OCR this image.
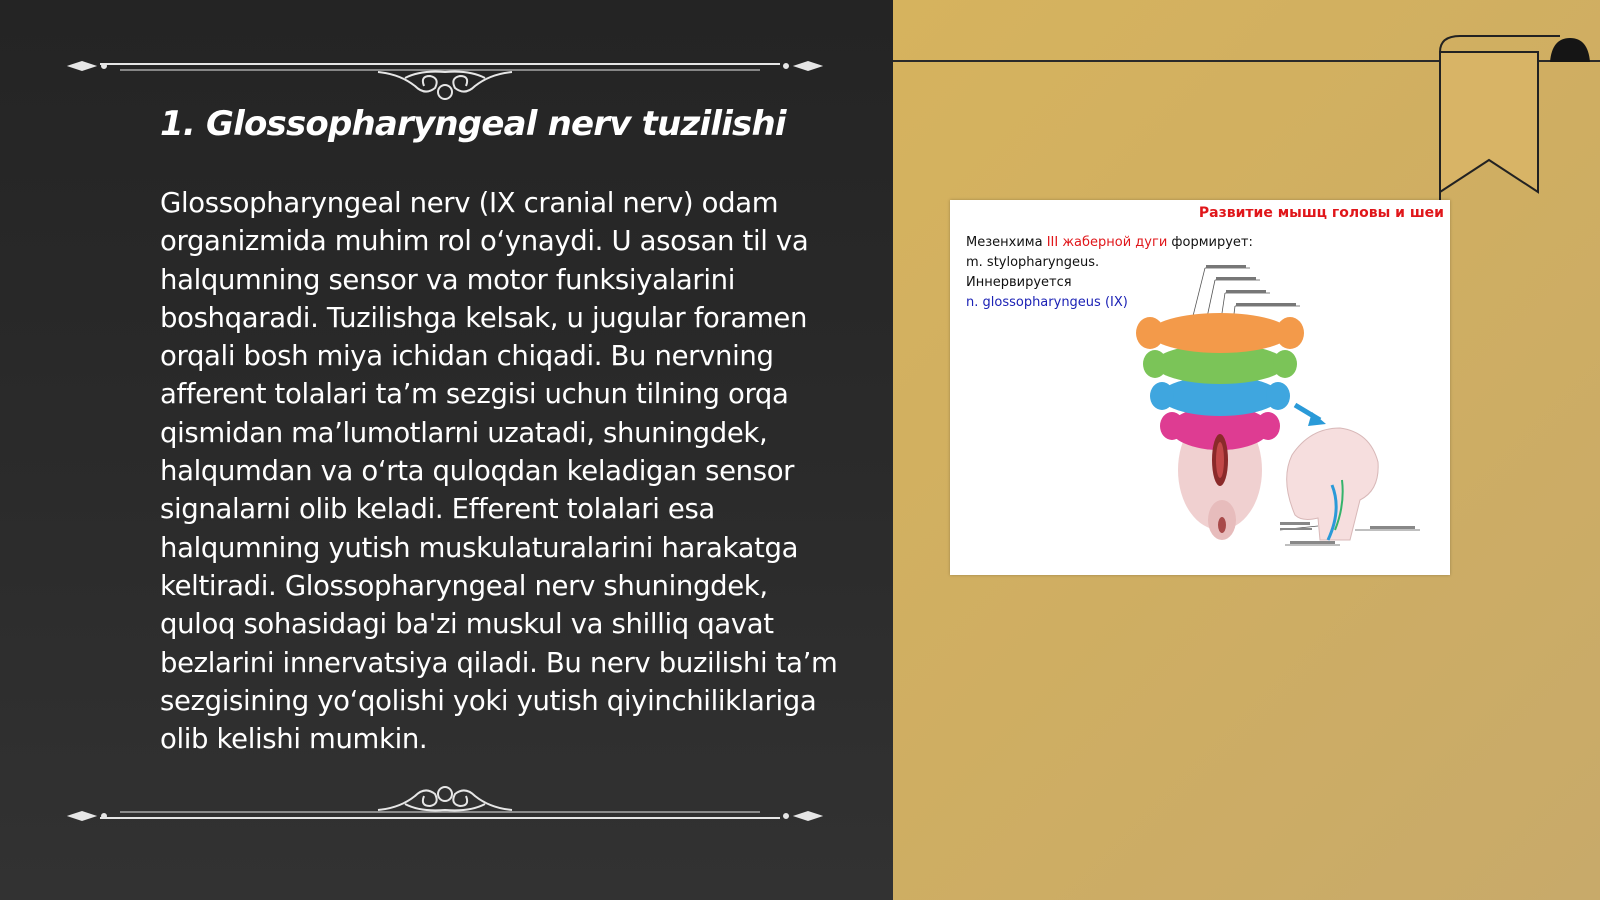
1. Glossopharyngeal nerv tuzilishi

Glossopharyngeal nerv (IX cranial nerv) odam organizmida muhim rol o‘ynaydi. U asosan til va halqumning sensor va motor funksiyalarini boshqaradi. Tuzilishga kelsak, u jugular foramen orqali bosh miya ichidan chiqadi. Bu nervning afferent tolalari ta’m sezgisi uchun tilning orqa qismidan ma’lumotlarni uzatadi, shuningdek, halqumdan va o‘rta quloqdan keladigan sensor signalarni olib keladi. Efferent tolalari esa halqumning yutish muskulaturalarini harakatga keltiradi. Glossopharyngeal nerv shuningdek, quloq sohasidagi ba'zi muskul va shilliq qavat bezlarini innervatsiya qiladi. Bu nerv buzilishi ta’m sezgisining yo‘qolishi yoki yutish qiyinchiliklariga olib kelishi mumkin.

Развитие мышц головы и шеи
Мезенхима III жаберной дуги формирует:
m. stylopharyngeus.
Иннервируется
n. glossopharyngeus (IX)
